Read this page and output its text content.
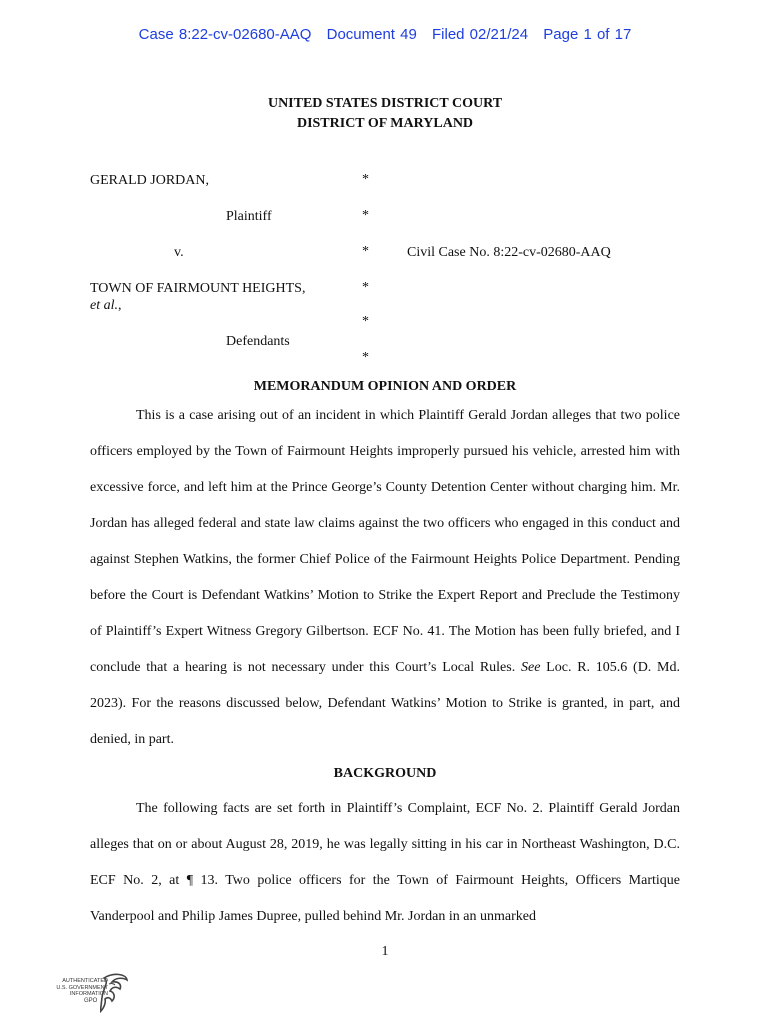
Case 8:22-cv-02680-AAQ Document 49 Filed 02/21/24 Page 1 of 17
UNITED STATES DISTRICT COURT
DISTRICT OF MARYLAND
GERALD JORDAN,
Plaintiff
v.	Civil Case No. 8:22-cv-02680-AAQ
TOWN OF FAIRMOUNT HEIGHTS,
et al.,
Defendants
*
*
*
*
*
*
MEMORANDUM OPINION AND ORDER
This is a case arising out of an incident in which Plaintiff Gerald Jordan alleges that two police officers employed by the Town of Fairmount Heights improperly pursued his vehicle, arrested him with excessive force, and left him at the Prince George’s County Detention Center without charging him. Mr. Jordan has alleged federal and state law claims against the two officers who engaged in this conduct and against Stephen Watkins, the former Chief Police of the Fairmount Heights Police Department. Pending before the Court is Defendant Watkins’ Motion to Strike the Expert Report and Preclude the Testimony of Plaintiff’s Expert Witness Gregory Gilbertson. ECF No. 41. The Motion has been fully briefed, and I conclude that a hearing is not necessary under this Court’s Local Rules. See Loc. R. 105.6 (D. Md. 2023). For the reasons discussed below, Defendant Watkins’ Motion to Strike is granted, in part, and denied, in part.
BACKGROUND
The following facts are set forth in Plaintiff’s Complaint, ECF No. 2. Plaintiff Gerald Jordan alleges that on or about August 28, 2019, he was legally sitting in his car in Northeast Washington, D.C. ECF No. 2, at ¶ 13. Two police officers for the Town of Fairmount Heights, Officers Martique Vanderpool and Philip James Dupree, pulled behind Mr. Jordan in an unmarked
1
AUTHENTICATED
U.S. GOVERNMENT
INFORMATION
GPO
